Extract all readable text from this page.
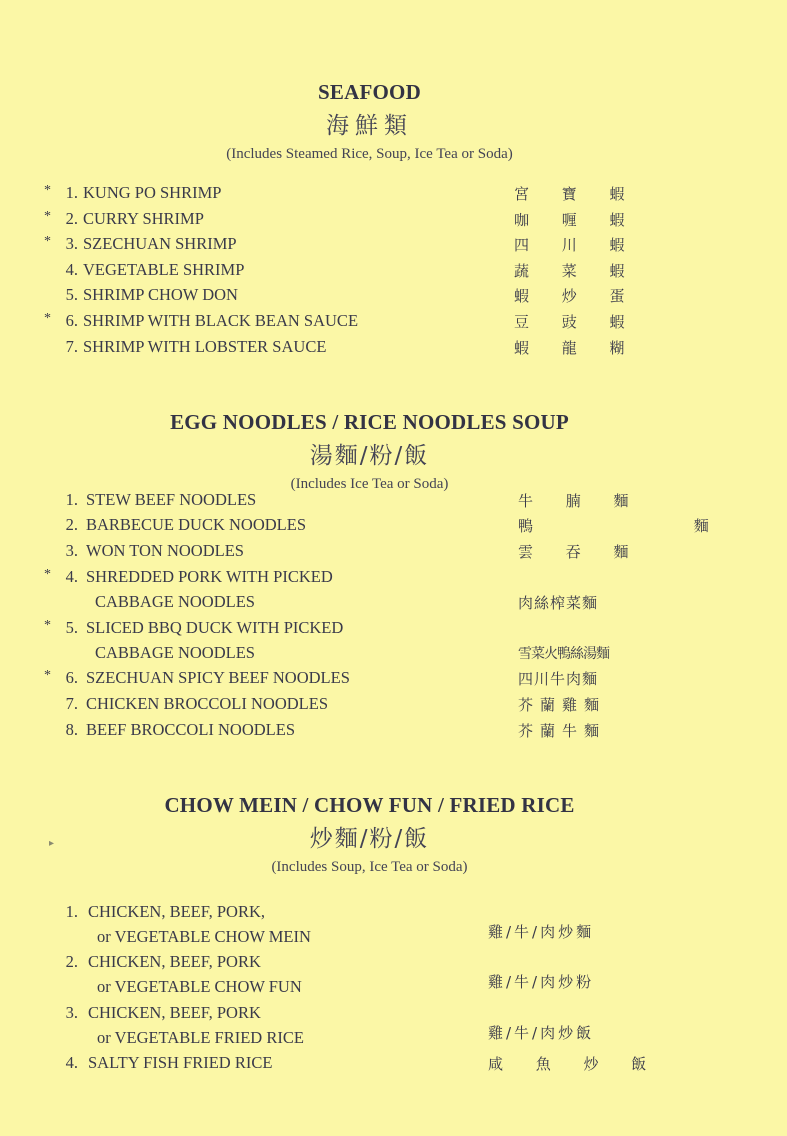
SEAFOOD
海鮮類
(Includes Steamed Rice, Soup, Ice Tea or Soda)
* 1. KUNG PO SHRIMP	宮 寶 蝦
* 2. CURRY SHRIMP	咖 喱 蝦
* 3. SZECHUAN SHRIMP	四 川 蝦
4. VEGETABLE SHRIMP	蔬 菜 蝦
5. SHRIMP CHOW DON	蝦 炒 蛋
* 6. SHRIMP WITH BLACK BEAN SAUCE	豆 豉 蝦
7. SHRIMP WITH LOBSTER SAUCE	蝦 龍 糊
EGG NOODLES / RICE NOODLES SOUP
湯麵/粉/飯
(Includes Ice Tea or Soda)
1. STEW BEEF NOODLES	牛 腩 麵
2. BARBECUE DUCK NOODLES	鴨 麵
3. WON TON NOODLES	雲 吞 麵
* 4. SHREDDED PORK WITH PICKED
CABBAGE NOODLES	肉絲榨菜麵
* 5. SLICED BBQ DUCK WITH PICKED
CABBAGE NOODLES	雪菜火鴨絲湯麵
* 6. SZECHUAN SPICY BEEF NOODLES	四川牛肉麵
7. CHICKEN BROCCOLI NOODLES	芥蘭雞麵
8. BEEF BROCCOLI NOODLES	芥蘭牛麵
CHOW MEIN / CHOW FUN / FRIED RICE
炒麵/粉/飯
(Includes Soup, Ice Tea or Soda)
▸
1. CHICKEN, BEEF, PORK,
or VEGETABLE CHOW MEIN	雞/牛/肉炒麵
2. CHICKEN, BEEF, PORK
or VEGETABLE CHOW FUN	雞/牛/肉炒粉
3. CHICKEN, BEEF, PORK
or VEGETABLE FRIED RICE	雞/牛/肉炒飯
4. SALTY FISH FRIED RICE	咸 魚 炒 飯
